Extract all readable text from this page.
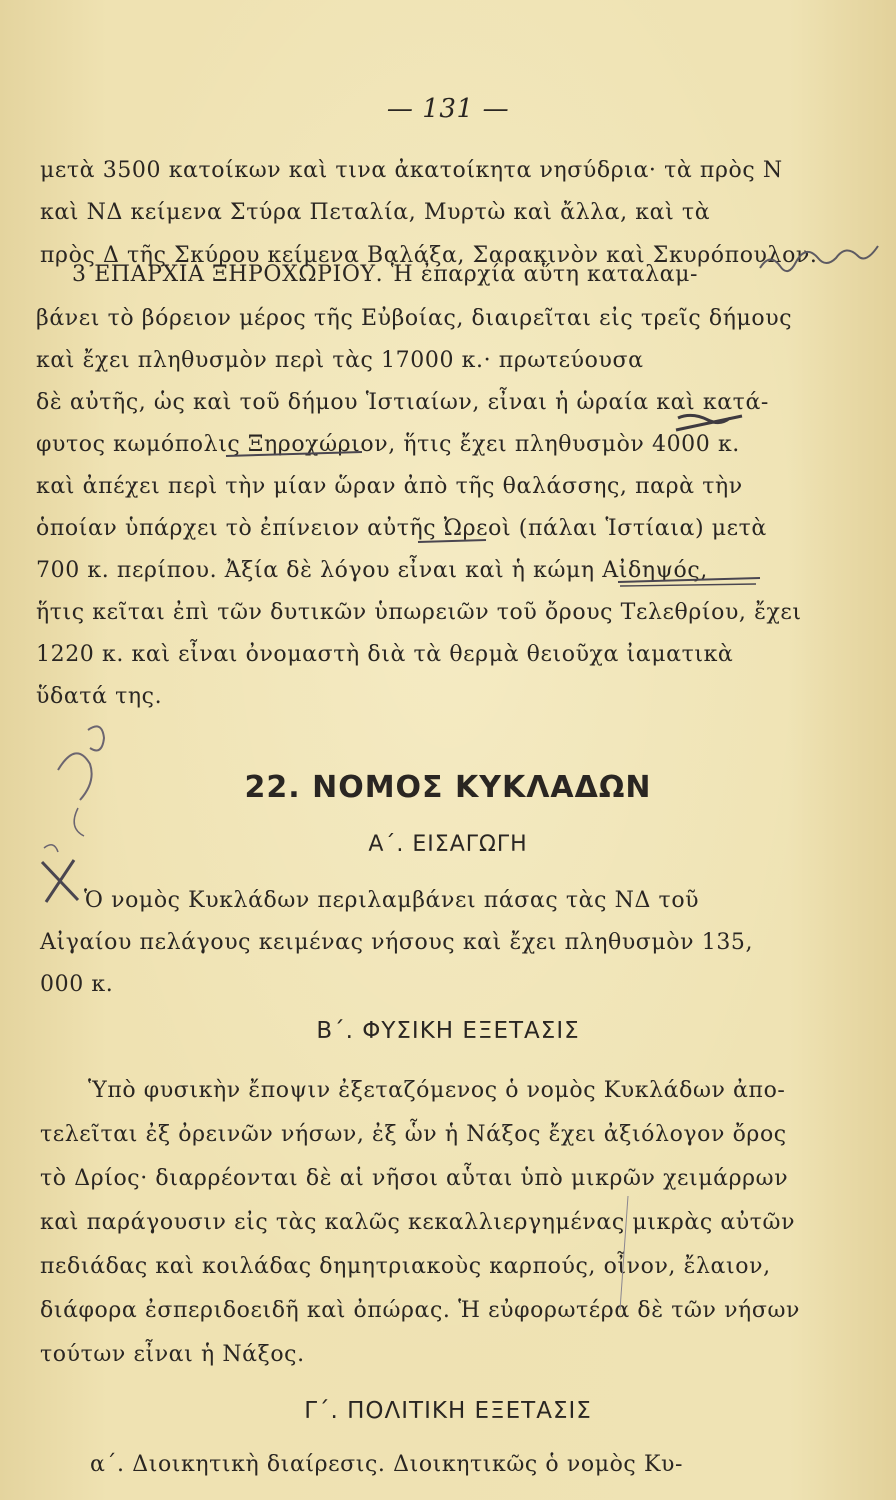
— 131 —
μετὰ 3500 κατοίκων καὶ τινα ἀκατοίκητα νησύδρια· τὰ πρὸς Ν
καὶ ΝΔ κείμενα Στύρα Πεταλία, Μυρτὼ καὶ ἄλλα, καὶ τὰ
πρὸς Δ τῆς Σκύρου κείμενα Βαλάξα, Σαρακινὸν καὶ Σκυρόπουλον.
3 ΕΠΑΡΧΙΑ ΞΗΡΟΧΩΡΙΟΥ. Ἡ ἐπαρχία αὕτη καταλαμ-
βάνει τὸ βόρειον μέρος τῆς Εὐβοίας, διαιρεῖται εἰς τρεῖς δήμους
καὶ ἔχει πληθυσμὸν περὶ τὰς 17000 κ.· πρωτεύουσα
δὲ αὐτῆς, ὡς καὶ τοῦ δήμου Ἱστιαίων, εἶναι ἡ ὡραία καὶ κατά-
φυτος κωμόπολις Ξηροχώριον, ἥτις ἔχει πληθυσμὸν 4000 κ.
καὶ ἀπέχει περὶ τὴν μίαν ὥραν ἀπὸ τῆς θαλάσσης, παρὰ τὴν
ὁποίαν ὑπάρχει τὸ ἐπίνειον αὐτῆς Ὠρεοὶ (πάλαι Ἱστίαια) μετὰ
700 κ. περίπου. Ἀξία δὲ λόγου εἶναι καὶ ἡ κώμη Αἰδηψός,
ἥτις κεῖται ἐπὶ τῶν δυτικῶν ὑπωρειῶν τοῦ ὄρους Τελεθρίου, ἔχει
1220 κ. καὶ εἶναι ὀνομαστὴ διὰ τὰ θερμὰ θειοῦχα ἰαματικὰ
ὕδατά της.
22. ΝΟΜΟΣ ΚΥΚΛΑΔΩΝ
Α΄. ΕΙΣΑΓΩΓΗ
Ὁ νομὸς Κυκλάδων περιλαμβάνει πάσας τὰς ΝΔ τοῦ
Αἰγαίου πελάγους κειμένας νήσους καὶ ἔχει πληθυσμὸν 135,
000 κ.
Β΄. ΦΥΣΙΚΗ ΕΞΕΤΑΣΙΣ
Ὑπὸ φυσικὴν ἔποψιν ἐξεταζόμενος ὁ νομὸς Κυκλάδων ἀπο-
τελεῖται ἐξ ὀρεινῶν νήσων, ἐξ ὧν ἡ Νάξος ἔχει ἀξιόλογον ὄρος
τὸ Δρίος· διαρρέονται δὲ αἱ νῆσοι αὗται ὑπὸ μικρῶν χειμάρρων
καὶ παράγουσιν εἰς τὰς καλῶς κεκαλλιεργημένας μικρὰς αὐτῶν
πεδιάδας καὶ κοιλάδας δημητριακοὺς καρπούς, οἶνον, ἔλαιον,
διάφορα ἐσπεριδοειδῆ καὶ ὀπώρας. Ἡ εὐφορωτέρα δὲ τῶν νήσων
τούτων εἶναι ἡ Νάξος.
Γ΄. ΠΟΛΙΤΙΚΗ ΕΞΕΤΑΣΙΣ
α΄. Διοικητικὴ διαίρεσις. Διοικητικῶς ὁ νομὸς Κυ-
